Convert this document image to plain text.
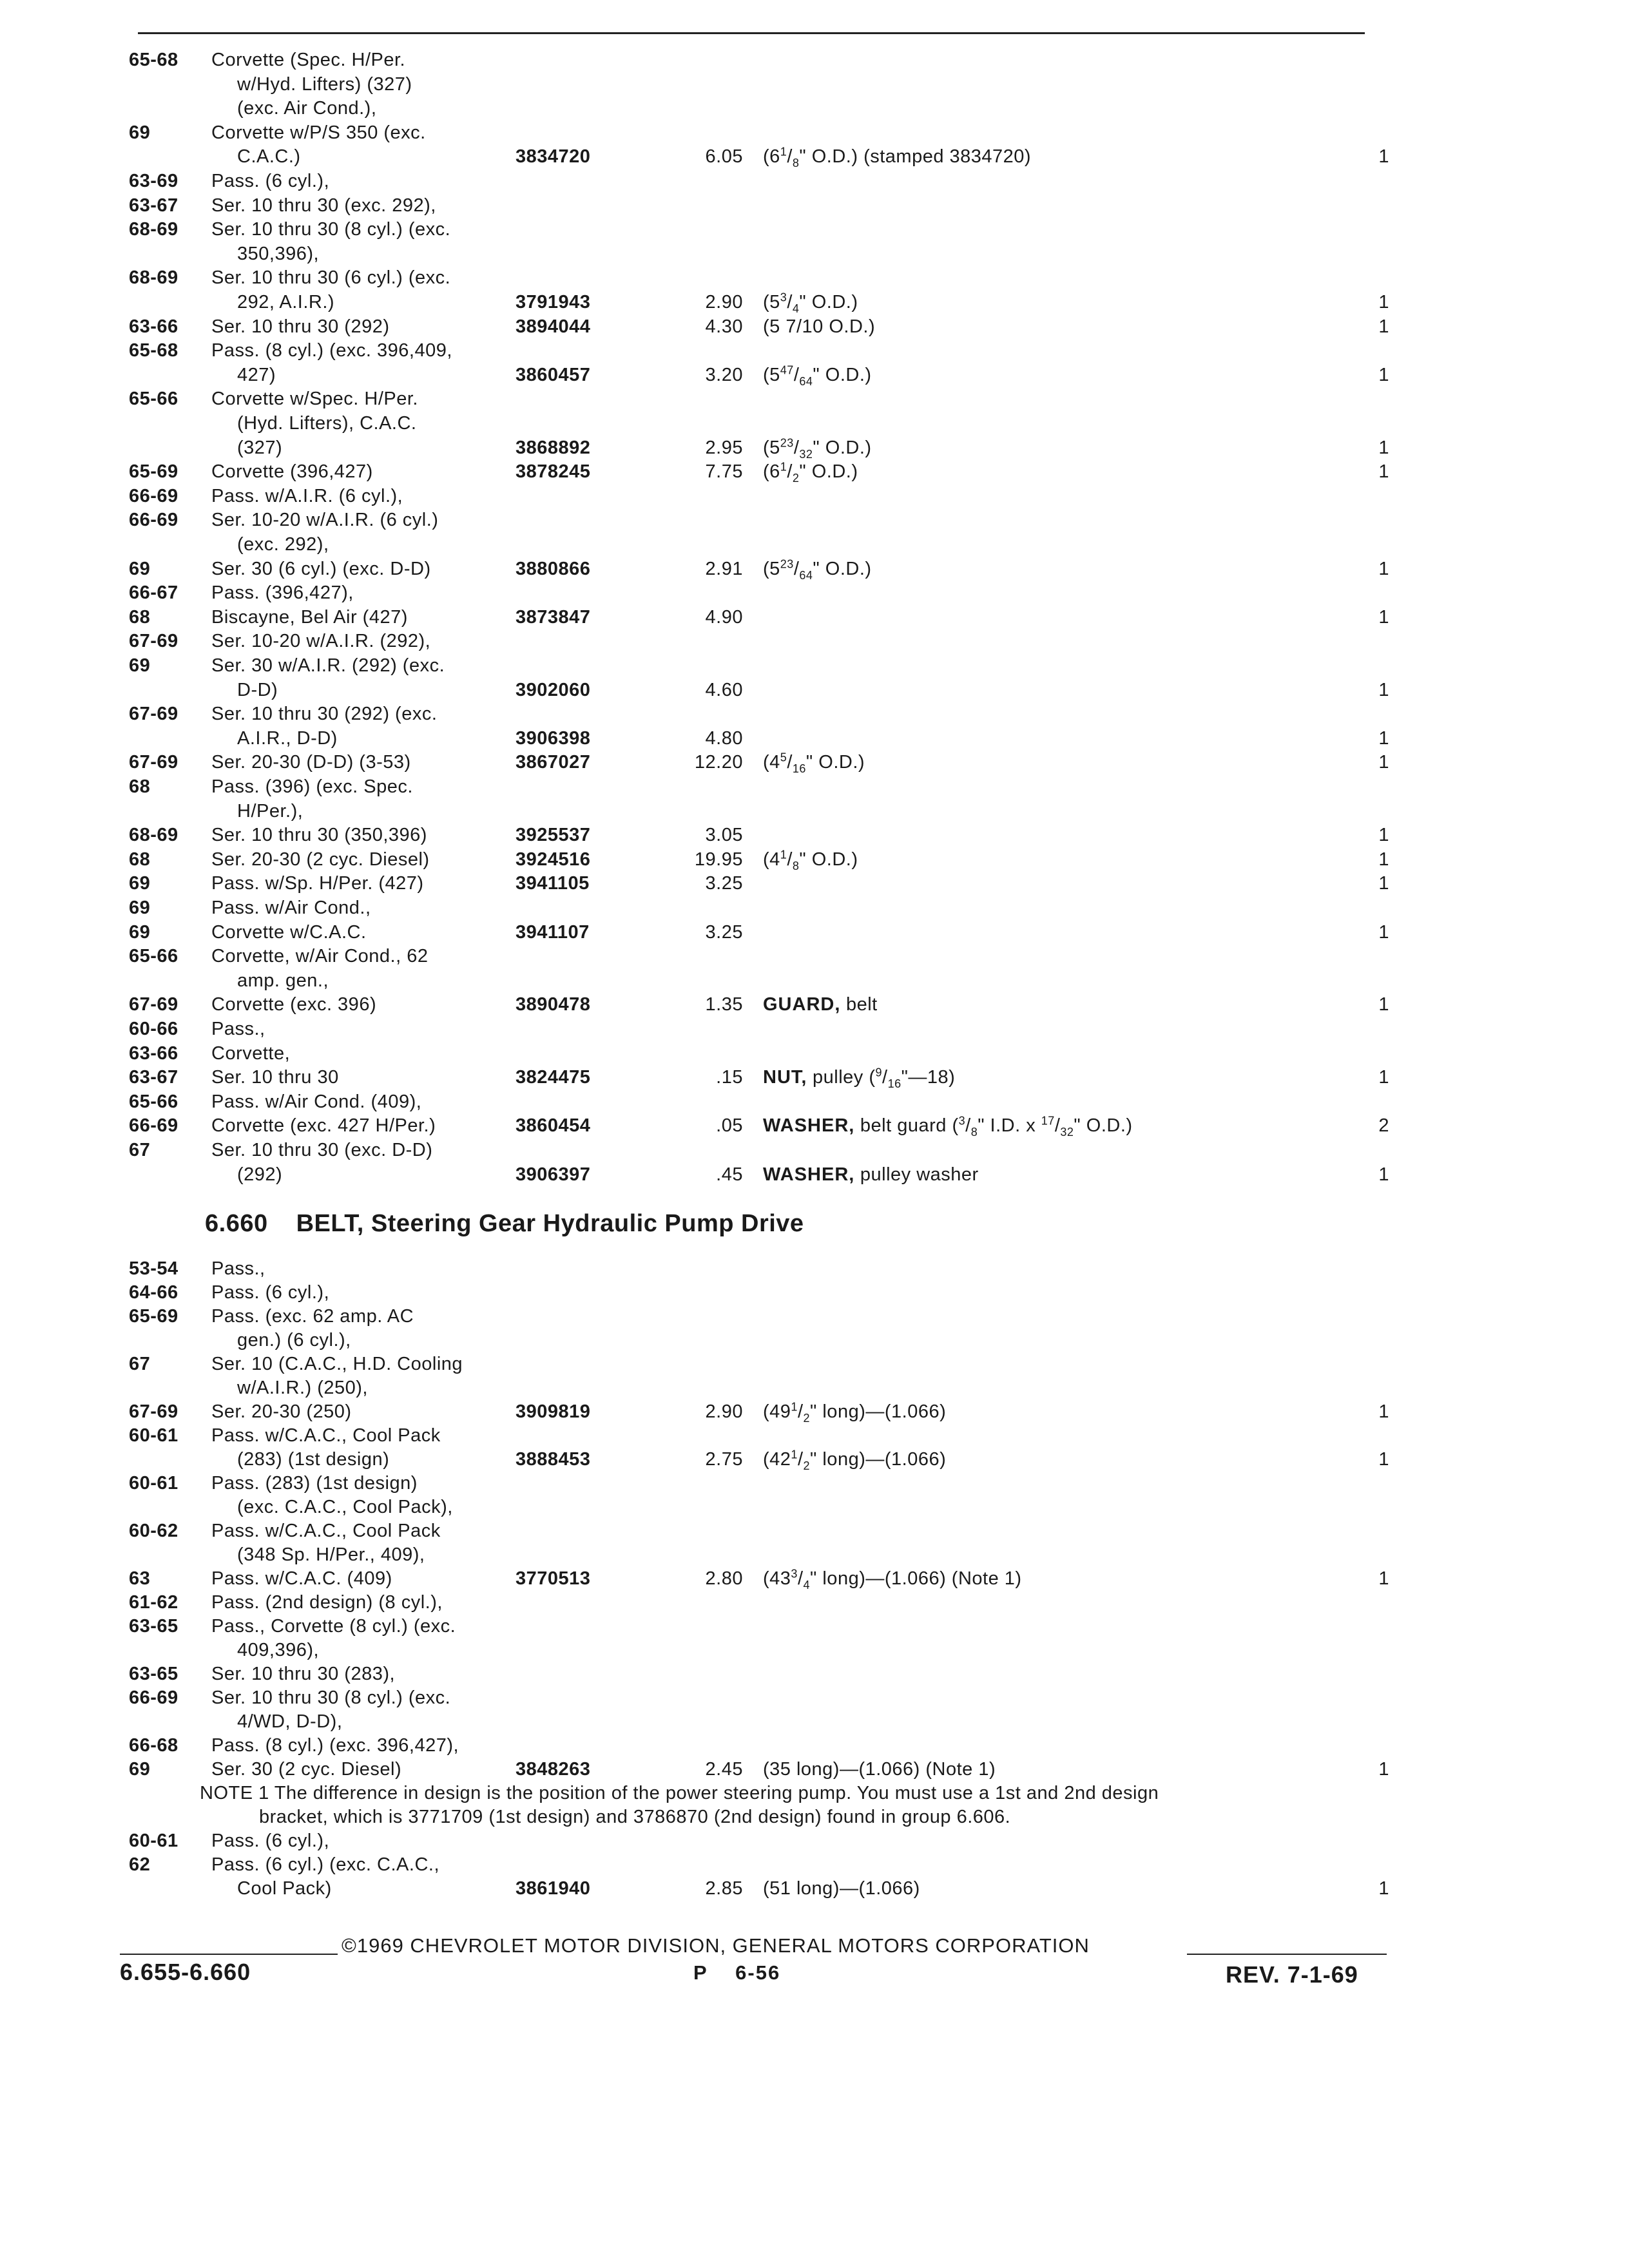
65-68 Corvette (Spec. H/Per.
w/Hyd. Lifters) (327)
(exc. Air Cond.),
69	Corvette w/P/S 350 (exc.
C.A.C.)	3834720	6.05 ($6^1/_8$" O.D.) (stamped 3834720)	1
63-69 Pass. (6 cyl.),
63-67 Ser. 10 thru 30 (exc. 292),
68-69 Ser. 10 thru 30 (8 cyl.) (exc.
350,396),
68-69 Ser. 10 thru 30 (6 cyl.) (exc.
292, A.I.R.)	3791943	2.90 ($5^3/_4$" O.D.)	1
63-66 Ser. 10 thru 30 (292)	3894044	4.30 (5 7/10 O.D.)	1
65-68 Pass. (8 cyl.) (exc. 396,409,
427)	3860457	3.20 ($5^{47}/_{64}$" O.D.)	1
65-66 Corvette w/Spec. H/Per.
(Hyd. Lifters), C.A.C.
(327)	3868892	2.95 ($5^{23}/_{32}$" O.D.)	1
65-69 Corvette (396,427)	3878245	7.75 ($6^1/_2$" O.D.)	1
66-69 Pass. w/A.I.R. (6 cyl.),
66-69 Ser. 10-20 w/A.I.R. (6 cyl.)
(exc. 292),
69	Ser. 30 (6 cyl.) (exc. D-D)	3880866	2.91 ($5^{23}/_{64}$" O.D.)	1
66-67 Pass. (396,427),
68	Biscayne, Bel Air (427)	3873847	4.90	1
67-69 Ser. 10-20 w/A.I.R. (292),
69	Ser. 30 w/A.I.R. (292) (exc.
D-D)	3902060	4.60	1
67-69 Ser. 10 thru 30 (292) (exc.
A.I.R., D-D)	3906398	4.80	1
67-69 Ser. 20-30 (D-D) (3-53)	3867027	12.20 ($4^5/_{16}$" O.D.)	1
68	Pass. (396) (exc. Spec.
H/Per.),
68-69 Ser. 10 thru 30 (350,396)	3925537	3.05	1
68	Ser. 20-30 (2 cyc. Diesel)	3924516	19.95 ($4^1/_8$" O.D.)	1
69	Pass. w/Sp. H/Per. (427)	3941105	3.25	1
69	Pass. w/Air Cond.,
69	Corvette w/C.A.C.	3941107	3.25	1
65-66 Corvette, w/Air Cond., 62
amp. gen.,
67-69 Corvette (exc. 396)	3890478	1.35 GUARD, belt	1
60-66 Pass.,
63-66 Corvette,
63-67 Ser. 10 thru 30	3824475	.15 NUT, pulley $(^9/_{16}"—18)$	1
65-66 Pass. w/Air Cond. (409),
66-69 Corvette (exc. 427 H/Per.)	3860454	.05 WASHER, belt guard ($^3/_8$" I.D. x $^{17}/_{32}$" O.D.)	2
67	Ser. 10 thru 30 (exc. D-D)
(292)	3906397	.45 WASHER, pulley washer	1
6.660 BELT, Steering Gear Hydraulic Pump Drive
53-54 Pass.,
64-66 Pass. (6 cyl.),
65-69 Pass. (exc. 62 amp. AC
gen.) (6 cyl.),
67	Ser. 10 (C.A.C., H.D. Cooling
w/A.I.R.) (250),
67-69 Ser. 20-30 (250)	3909819	2.90 ($49^1/_2$" long)—(1.066)	1
60-61 Pass. w/C.A.C., Cool Pack
(283) (1st design)	3888453	2.75 ($42^1/_2$" long)—(1.066)	1
60-61 Pass. (283) (1st design)
(exc. C.A.C., Cool Pack),
60-62 Pass. w/C.A.C., Cool Pack
(348 Sp. H/Per., 409),
63	Pass. w/C.A.C. (409)	3770513	2.80 ($43^3/_4$" long)—(1.066) (Note 1)	1
61-62 Pass. (2nd design) (8 cyl.),
63-65 Pass., Corvette (8 cyl.) (exc.
409,396),
63-65 Ser. 10 thru 30 (283),
66-69 Ser. 10 thru 30 (8 cyl.) (exc.
4/WD, D-D),
66-68 Pass. (8 cyl.) (exc. 396,427),
69	Ser. 30 (2 cyc. Diesel)	3848263	2.45 (35 long)—(1.066) (Note 1)	1
NOTE 1 The difference in design is the position of the power steering pump. You must use a 1st and 2nd design
bracket, which is 3771709 (1st design) and 3786870 (2nd design) found in group 6.606.
60-61 Pass. (6 cyl.),
62	Pass. (6 cyl.) (exc. C.A.C.,
Cool Pack)	3861940	2.85 (51 long)—(1.066)	1
©1969 CHEVROLET MOTOR DIVISION, GENERAL MOTORS CORPORATION
6.655-6.660	P 6-56	REV. 7-1-69
